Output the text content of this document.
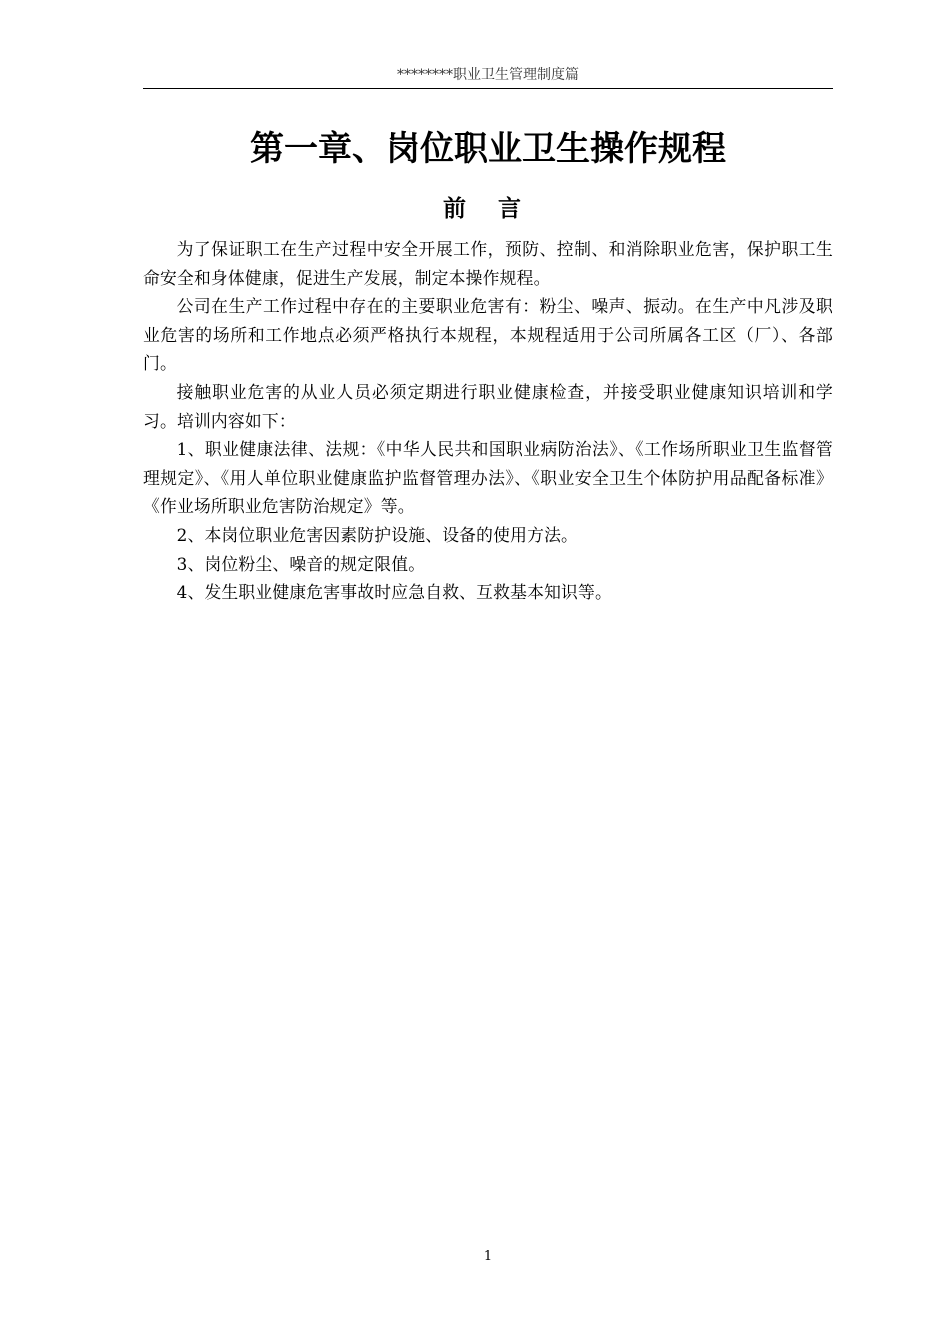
********职业卫生管理制度篇
第一章、岗位职业卫生操作规程
前 言

为了保证职工在生产过程中安全开展工作，预防、控制、和消除职业危害，保护职工生命安全和身体健康，促进生产发展，制定本操作规程。

公司在生产工作过程中存在的主要职业危害有：粉尘、噪声、振动。在生产中凡涉及职业危害的场所和工作地点必须严格执行本规程，本规程适用于公司所属各工区（厂）、各部门。

接触职业危害的从业人员必须定期进行职业健康检查，并接受职业健康知识培训和学习。培训内容如下：

1、职业健康法律、法规：《中华人民共和国职业病防治法》、《工作场所职业卫生监督管理规定》、《用人单位职业健康监护监督管理办法》、《职业安全卫生个体防护用品配备标准》《作业场所职业危害防治规定》等。

2、本岗位职业危害因素防护设施、设备的使用方法。

3、岗位粉尘、噪音的规定限值。

4、发生职业健康危害事故时应急自救、互救基本知识等。

1
